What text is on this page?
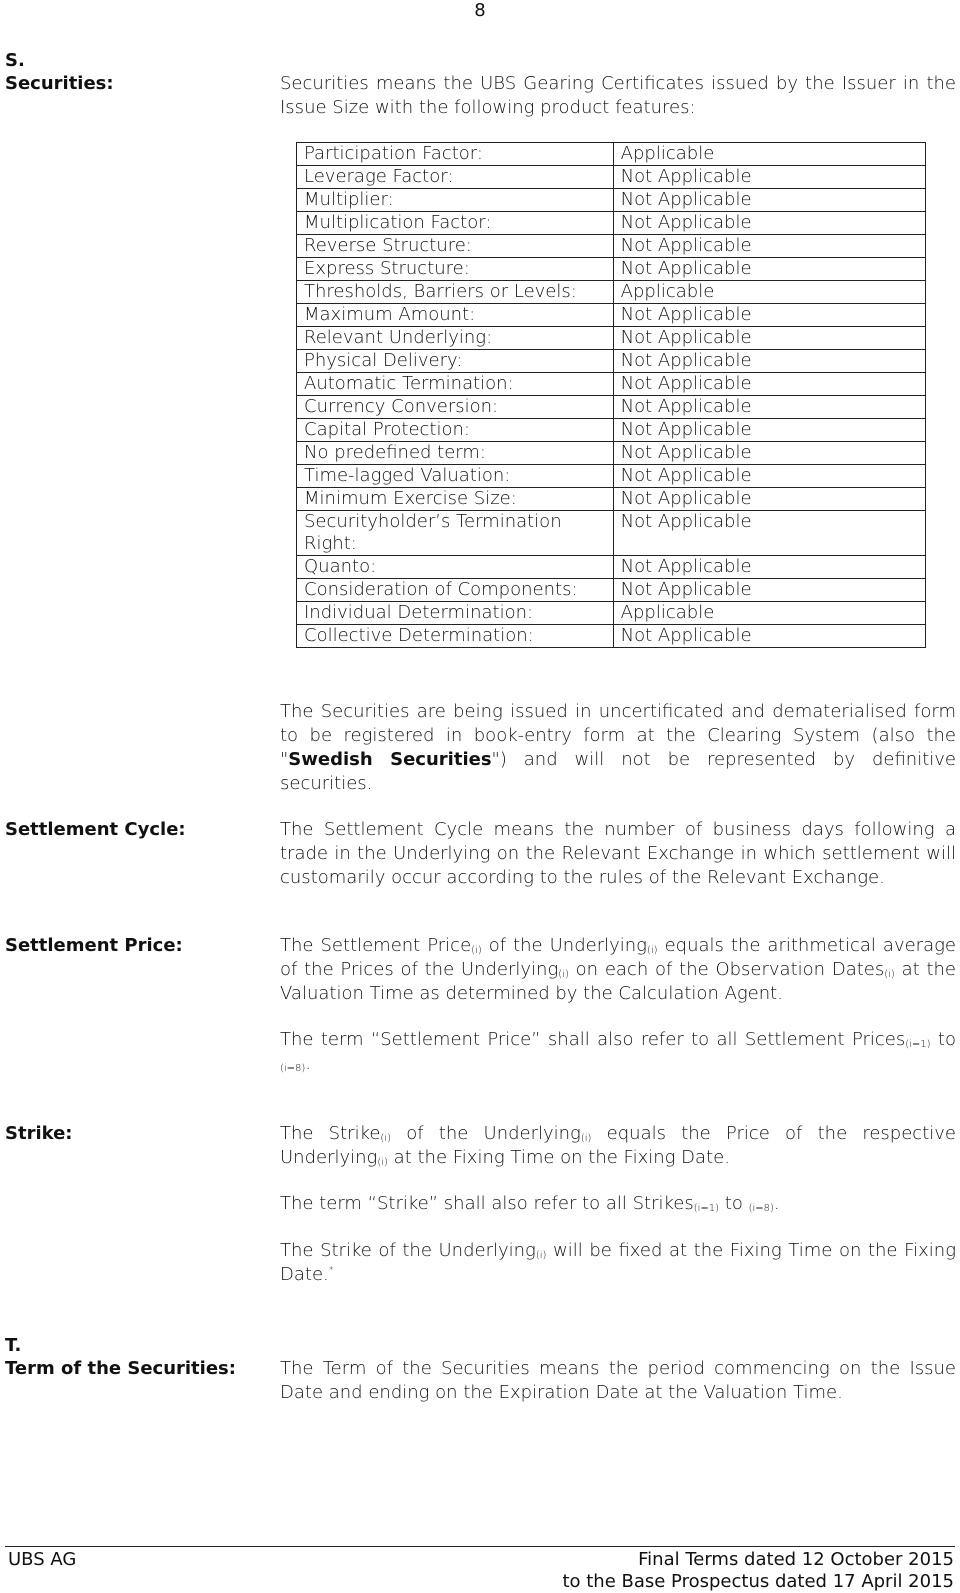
8
S.
Securities:	Securities means the UBS Gearing Certificates issued by the Issuer in the Issue Size with the following product features:

Participation Factor:	Applicable
Leverage Factor:	Not Applicable
Multiplier:	Not Applicable
Multiplication Factor:	Not Applicable
Reverse Structure:	Not Applicable
Express Structure:	Not Applicable
Thresholds, Barriers or Levels:	Applicable
Maximum Amount:	Not Applicable
Relevant Underlying:	Not Applicable
Physical Delivery:	Not Applicable
Automatic Termination:	Not Applicable
Currency Conversion:	Not Applicable
Capital Protection:	Not Applicable
No predefined term:	Not Applicable
Time-lagged Valuation:	Not Applicable
Minimum Exercise Size:	Not Applicable
Securityholder’s Termination Right:	Not Applicable
Quanto:	Not Applicable
Consideration of Components:	Not Applicable
Individual Determination:	Applicable
Collective Determination:	Not Applicable

The Securities are being issued in uncertificated and dematerialised form to be registered in book-entry form at the Clearing System (also the "Swedish Securities") and will not be represented by definitive securities.

Settlement Cycle:	The Settlement Cycle means the number of business days following a trade in the Underlying on the Relevant Exchange in which settlement will customarily occur according to the rules of the Relevant Exchange.

Settlement Price:	The Settlement Price$_{(i)}$ of the Underlying$_{(i)}$ equals the arithmetical average of the Prices of the Underlying$_{(i)}$ on each of the Observation Dates$_{(i)}$ at the Valuation Time as determined by the Calculation Agent.

The term “Settlement Price” shall also refer to all Settlement Prices$_{(i=1)}$ to $_{(i=8)}$.

Strike:	The Strike$_{(i)}$ of the Underlying$_{(i)}$ equals the Price of the respective Underlying$_{(i)}$ at the Fixing Time on the Fixing Date.

The term “Strike” shall also refer to all Strikes$_{(i=1)}$ to $_{(i=8)}$.

The Strike of the Underlying$_{(i)}$ will be fixed at the Fixing Time on the Fixing Date.*

T.
Term of the Securities: The Term of the Securities means the period commencing on the Issue Date and ending on the Expiration Date at the Valuation Time.

UBS AG	Final Terms dated 12 October 2015
to the Base Prospectus dated 17 April 2015
